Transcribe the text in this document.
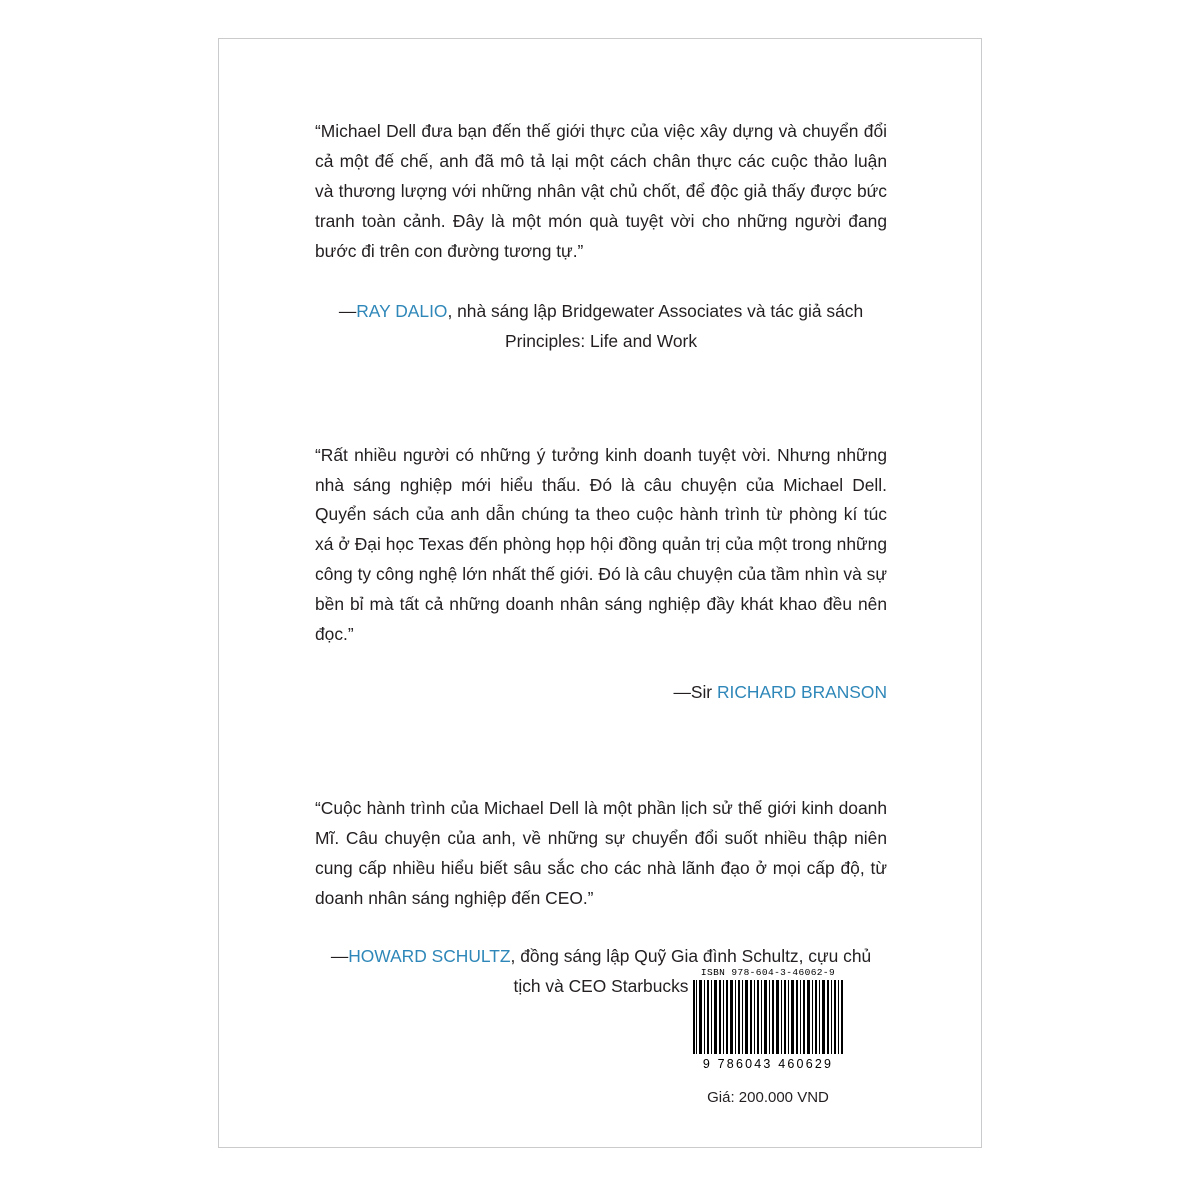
“Michael Dell đưa bạn đến thế giới thực của việc xây dựng và chuyển đổi cả một đế chế, anh đã mô tả lại một cách chân thực các cuộc thảo luận và thương lượng với những nhân vật chủ chốt, để độc giả thấy được bức tranh toàn cảnh. Đây là một món quà tuyệt vời cho những người đang bước đi trên con đường tương tự.”

—RAY DALIO, nhà sáng lập Bridgewater Associates và tác giả sách

Principles: Life and Work

“Rất nhiều người có những ý tưởng kinh doanh tuyệt vời. Nhưng những nhà sáng nghiệp mới hiểu thấu. Đó là câu chuyện của Michael Dell. Quyển sách của anh dẫn chúng ta theo cuộc hành trình từ phòng kí túc xá ở Đại học Texas đến phòng họp hội đồng quản trị của một trong những công ty công nghệ lớn nhất thế giới. Đó là câu chuyện của tầm nhìn và sự bền bỉ mà tất cả những doanh nhân sáng nghiệp đầy khát khao đều nên đọc.”

—Sir RICHARD BRANSON

“Cuộc hành trình của Michael Dell là một phần lịch sử thế giới kinh doanh Mĩ. Câu chuyện của anh, về những sự chuyển đổi suốt nhiều thập niên cung cấp nhiều hiểu biết sâu sắc cho các nhà lãnh đạo ở mọi cấp độ, từ doanh nhân sáng nghiệp đến CEO.”

—HOWARD SCHULTZ, đồng sáng lập Quỹ Gia đình Schultz, cựu chủ

tịch và CEO Starbucks

ISBN 978-604-3-46062-9

9 786043 460629

Giá: 200.000 VND
